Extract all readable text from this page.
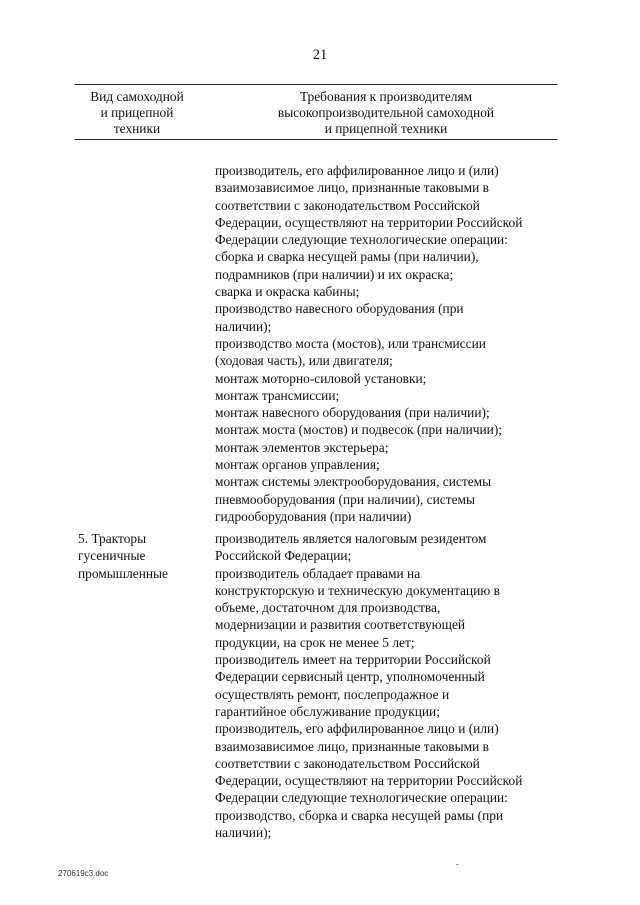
21
Вид самоходной
и прицепной
техники
Требования к производителям
высокопроизводительной самоходной
и прицепной техники
производитель, его аффилированное лицо и (или)
взаимозависимое лицо, признанные таковыми в
соответствии с законодательством Российской
Федерации, осуществляют на территории Российской
Федерации следующие технологические операции:
сборка и сварка несущей рамы (при наличии),
подрамников (при наличии) и их окраска;
сварка и окраска кабины;
производство навесного оборудования (при
наличии);
производство моста (мостов), или трансмиссии
(ходовая часть), или двигателя;
монтаж моторно-силовой установки;
монтаж трансмиссии;
монтаж навесного оборудования (при наличии);
монтаж моста (мостов) и подвесок (при наличии);
монтаж элементов экстерьера;
монтаж органов управления;
монтаж системы электрооборудования, системы
пневмооборудования (при наличии), системы
гидрооборудования (при наличии)
5. Тракторы
гусеничные
промышленные
производитель является налоговым резидентом
Российской Федерации;
производитель обладает правами на
конструкторскую и техническую документацию в
объеме, достаточном для производства,
модернизации и развития соответствующей
продукции, на срок не менее 5 лет;
производитель имеет на территории Российской
Федерации сервисный центр, уполномоченный
осуществлять ремонт, послепродажное и
гарантийное обслуживание продукции;
производитель, его аффилированное лицо и (или)
взаимозависимое лицо, признанные таковыми в
соответствии с законодательством Российской
Федерации, осуществляют на территории Российской
Федерации следующие технологические операции:
производство, сборка и сварка несущей рамы (при
наличии);
270619c3.doc
